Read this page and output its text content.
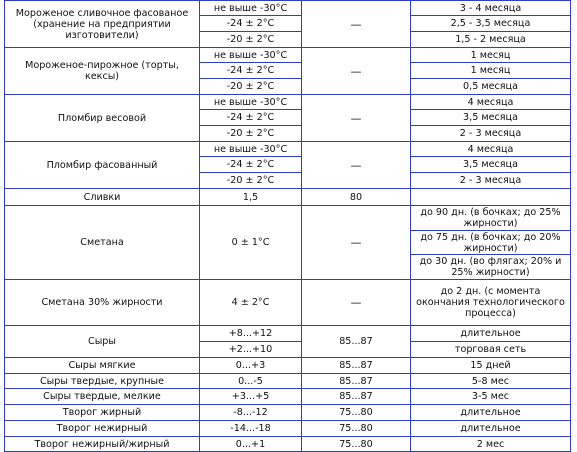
Мороженое сливочное фасованое (хранение на предприятии изготовители)	не выше -30°С	—	3 - 4 месяца
	-24 ± 2°С		2,5 - 3,5 месяца
	-20 ± 2°С		1,5 - 2 месяца
Мороженое-пирожное (торты, кексы)	не выше -30°С	—	1 месяц
	-24 ± 2°С		1 месяц
	-20 ± 2°С		0,5 месяца
Пломбир весовой	не выше -30°С	—	4 месяца
	-24 ± 2°С		3,5 месяца
	-20 ± 2°С		2 - 3 месяца
Пломбир фасованный	не выше -30°С	—	4 месяца
	-24 ± 2°С		3,5 месяца
	-20 ± 2°С		2 - 3 месяца
Сливки	1,5	80	
Сметана	0 ± 1°С	—	до 90 дн. (в бочках; до 25% жирности)
			до 75 дн. (в бочках; до 20% жирности)
			до 30 дн. (во флягах; 20% и 25% жирности)
Сметана 30% жирности	4 ± 2°С	—	до 2 дн. (с момента окончания технологического процесса)
Сыры	+8...+12	85...87	длительное
	+2...+10		торговая сеть
Сыры мягкие	0...+3	85...87	15 дней
Сыры твердые, крупные	0...-5	85...87	5-8 мес
Сыры твердые, мелкие	+3...+5	85...87	3-5 мес
Творог жирный	-8...-12	75...80	длительное
Творог нежирный	-14...-18	75...80	длительное
Творог нежирный/жирный	0...+1	75...80	2 мес
